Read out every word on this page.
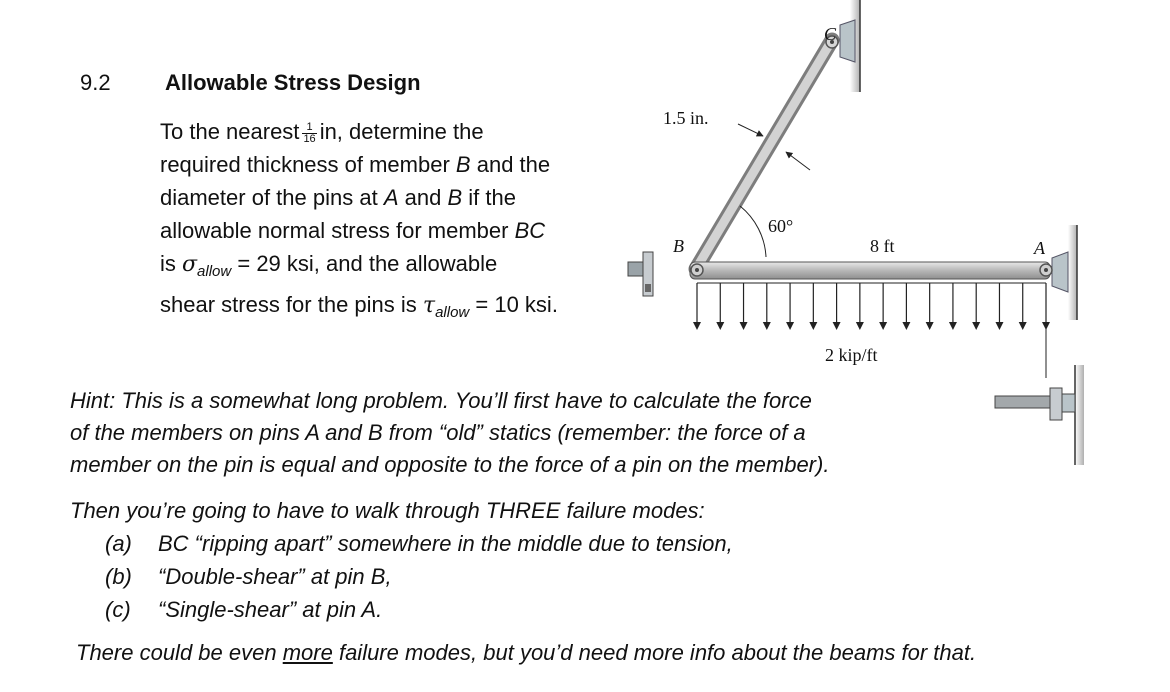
9.2 Allowable Stress Design
To the nearest $\frac{1}{16}$ in, determine the
required thickness of member B and the
diameter of the pins at A and B if the
allowable normal stress for member BC
is $\sigma_{allow} = 29$ ksi, and the allowable
shear stress for the pins is $\tau_{allow} = 10$ ksi.
C
1.5 in.
60°
B	8 ft	A
2 kip/ft
Hint: This is a somewhat long problem. You’ll first have to calculate the force
of the members on pins A and B from “old” statics (remember: the force of a
member on the pin is equal and opposite to the force of a pin on the member).
Then you’re going to have to walk through THREE failure modes:
(a) BC “ripping apart” somewhere in the middle due to tension,
(b) “Double-shear” at pin B,
(c) “Single-shear” at pin A.
There could be even more failure modes, but you’d need more info about the beams for that.
